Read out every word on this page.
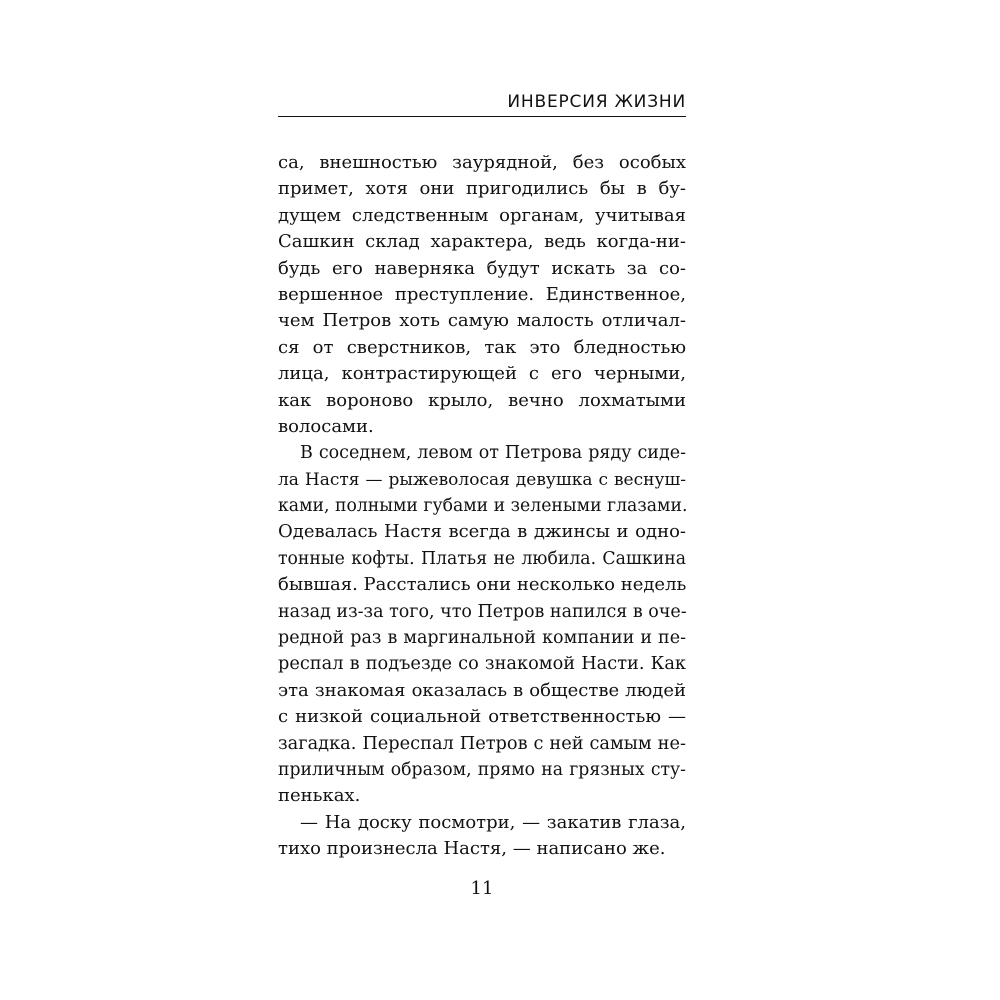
ИНВЕРСИЯ ЖИЗНИ
са, внешностью заурядной, без особых
примет, хотя они пригодились бы в бу-
дущем следственным органам, учитывая
Сашкин склад характера, ведь когда-ни-
будь его наверняка будут искать за со-
вершенное преступление. Единственное,
чем Петров хоть самую малость отличал-
ся от сверстников, так это бледностью
лица, контрастирующей с его черными,
как вороново крыло, вечно лохматыми
волосами.
В соседнем, левом от Петрова ряду сиде-
ла Настя — рыжеволосая девушка с веснуш-
ками, полными губами и зелеными глазами.
Одевалась Настя всегда в джинсы и одно-
тонные кофты. Платья не любила. Сашкина
бывшая. Расстались они несколько недель
назад из-за того, что Петров напился в оче-
редной раз в маргинальной компании и пе-
респал в подъезде со знакомой Насти. Как
эта знакомая оказалась в обществе людей
с низкой социальной ответственностью —
загадка. Переспал Петров с ней самым не-
приличным образом, прямо на грязных сту-
пеньках.
— На доску посмотри, — закатив глаза,
тихо произнесла Настя, — написано же.
11
